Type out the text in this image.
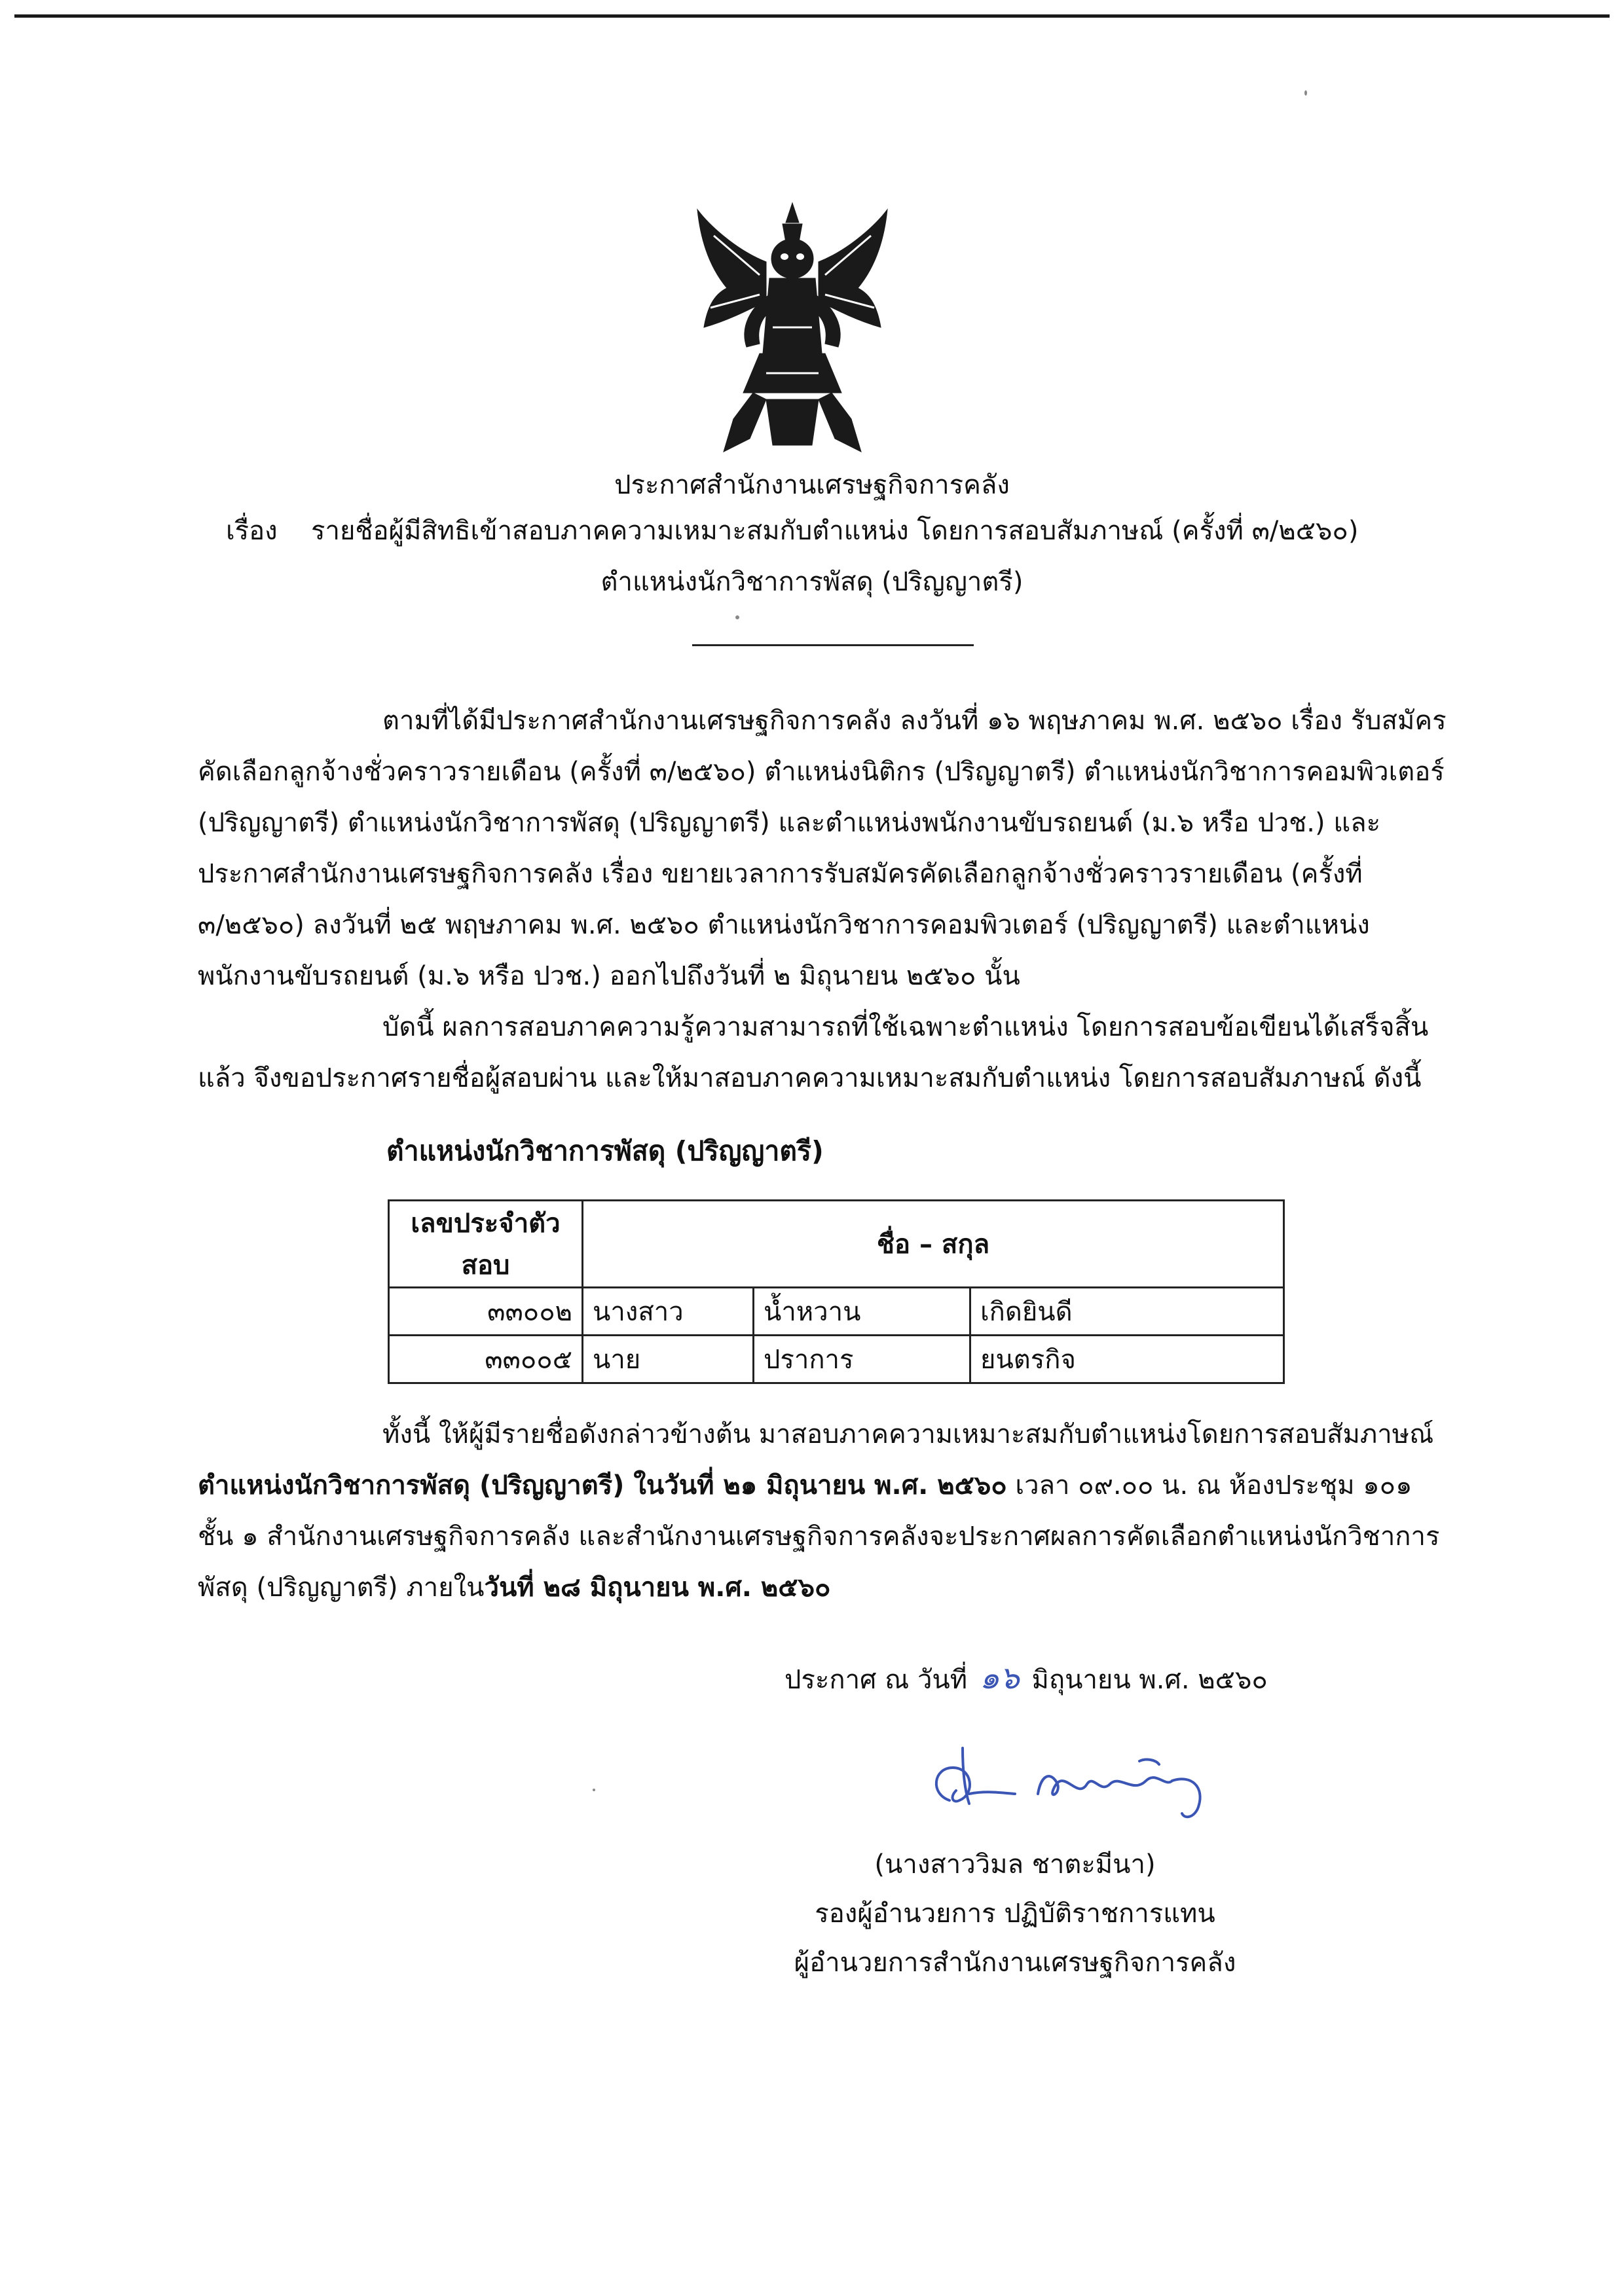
ประกาศสำนักงานเศรษฐกิจการคลัง
เรื่อง รายชื่อผู้มีสิทธิเข้าสอบภาคความเหมาะสมกับตำแหน่ง โดยการสอบสัมภาษณ์ (ครั้งที่ ๓/๒๕๖๐)
ตำแหน่งนักวิชาการพัสดุ (ปริญญาตรี)

ตามที่ได้มีประกาศสำนักงานเศรษฐกิจการคลัง ลงวันที่ ๑๖ พฤษภาคม พ.ศ. ๒๕๖๐ เรื่อง รับสมัครคัดเลือกลูกจ้างชั่วคราวรายเดือน (ครั้งที่ ๓/๒๕๖๐) ตำแหน่งนิติกร (ปริญญาตรี) ตำแหน่งนักวิชาการคอมพิวเตอร์ (ปริญญาตรี) ตำแหน่งนักวิชาการพัสดุ (ปริญญาตรี) และตำแหน่งพนักงานขับรถยนต์ (ม.๖ หรือ ปวช.) และประกาศสำนักงานเศรษฐกิจการคลัง เรื่อง ขยายเวลาการรับสมัครคัดเลือกลูกจ้างชั่วคราวรายเดือน (ครั้งที่ ๓/๒๕๖๐) ลงวันที่ ๒๕ พฤษภาคม พ.ศ. ๒๕๖๐ ตำแหน่งนักวิชาการคอมพิวเตอร์ (ปริญญาตรี) และตำแหน่งพนักงานขับรถยนต์ (ม.๖ หรือ ปวช.) ออกไปถึงวันที่ ๒ มิถุนายน ๒๕๖๐ นั้น

บัดนี้ ผลการสอบภาคความรู้ความสามารถที่ใช้เฉพาะตำแหน่ง โดยการสอบข้อเขียนได้เสร็จสิ้นแล้ว จึงขอประกาศรายชื่อผู้สอบผ่าน และให้มาสอบภาคความเหมาะสมกับตำแหน่ง โดยการสอบสัมภาษณ์ ดังนี้

ตำแหน่งนักวิชาการพัสดุ (ปริญญาตรี)
เลขประจำตัวสอบ	ชื่อ – สกุล		
๓๓๐๐๒	นางสาว	น้ำหวาน	เกิดยินดี
๓๓๐๐๕	นาย	ปราการ	ยนตรกิจ

ทั้งนี้ ให้ผู้มีรายชื่อดังกล่าวข้างต้น มาสอบภาคความเหมาะสมกับตำแหน่งโดยการสอบสัมภาษณ์ ตำแหน่งนักวิชาการพัสดุ (ปริญญาตรี) ในวันที่ ๒๑ มิถุนายน พ.ศ. ๒๕๖๐ เวลา ๐๙.๐๐ น. ณ ห้องประชุม ๑๐๑ ชั้น ๑ สำนักงานเศรษฐกิจการคลัง และสำนักงานเศรษฐกิจการคลังจะประกาศผลการคัดเลือกตำแหน่งนักวิชาการพัสดุ (ปริญญาตรี) ภายในวันที่ ๒๘ มิถุนายน พ.ศ. ๒๕๖๐

ประกาศ ณ วันที่ ๑๖ มิถุนายน พ.ศ. ๒๕๖๐
(นางสาววิมล ชาตะมีนา)
รองผู้อำนวยการ ปฏิบัติราชการแทน
ผู้อำนวยการสำนักงานเศรษฐกิจการคลัง
